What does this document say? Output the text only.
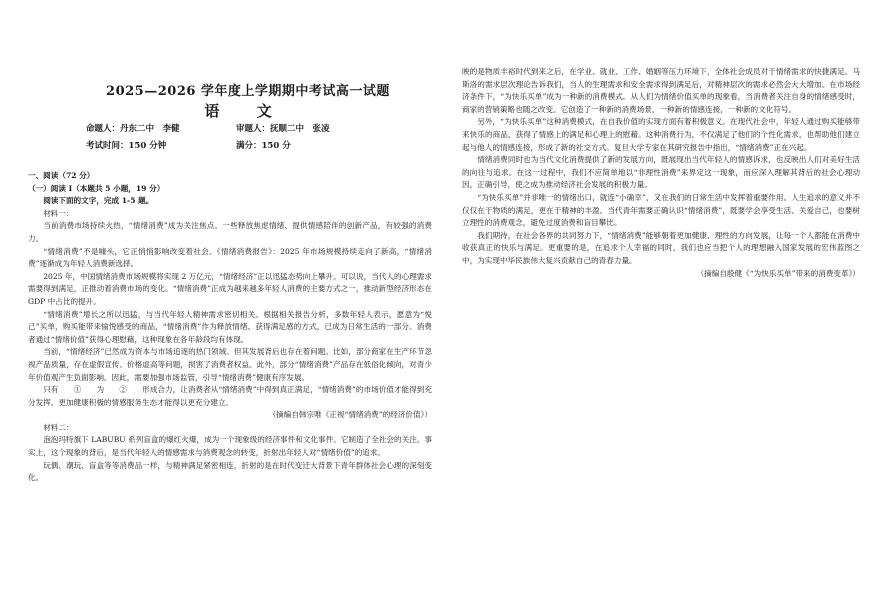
2025—2026 学年度上学期期中考试高一试题
语 文
命题人：丹东二中　李健	审题人：抚顺二中　张凌
考试时间：150 分钟	满分：150 分

一、阅读（72 分）

（一）阅读 I（本题共 5 小题，19 分）

阅读下面的文字，完成 1-5 题。

材料一：

当前消费市场持续火热，“情绪消费”成为关注焦点。一些释放焦虑情绪、提供情感陪伴的创新产品，有较强的消费力。

“情绪消费”不是噱头，它正悄悄影响改变着社会。《情绪消费报告》：2025 年市场规模持续走向了新高，“情绪消费”逐渐成为年轻人消费新选择。

2025 年，中国情绪消费市场规模将实现 2 万亿元，“情绪经济”正以迅猛态势向上攀升。可以说，当代人的心理需求需要得到满足，正推动着消费市场的变化。“情绪消费”正成为越来越多年轻人消费的主要方式之一，推动新型经济形态在 GDP 中占比的提升。

“情绪消费”增长之所以迅猛，与当代年轻人精神需求密切相关。根据相关报告分析，多数年轻人表示，愿意为“悦己”买单，购买能带来愉悦感受的商品，“情绪消费”作为释放情绪、获得满足感的方式，已成为日常生活的一部分。消费者通过“情绪价值”获得心理慰藉，这种现象在各年龄段均有体现。

当前，“情绪经济”已然成为资本与市场追逐的热门领域。但其发展背后也存在着问题。比如，部分商家在生产环节忽视产品质量，存在虚假宣传、价格虚高等问题，损害了消费者权益。此外，部分“情绪消费”产品存在低俗化倾向，对青少年价值观产生负面影响。因此，需要加强市场监管，引导“情绪消费”健康有序发展。

只有　　①　　为　　②　　形成合力，让消费者从“情绪消费”中得到真正满足，“情绪消费”的市场价值才能得到充分发挥，更加健康积极的情感服务生态才能得以更充分建立。

（摘编自韩宗唯《正视“情绪消费”的经济价值》）

材料二：

泡泡玛特旗下 LABUBU 系列盲盒的爆红火爆，成为一个现象级的经济事件和文化事件。它制造了全社会的关注。事实上，这个现象的背后，是当代年轻人的情感需求与消费观念的转变，折射出年轻人对“情绪价值”的追求。

玩偶、潮玩、盲盒等等消费品一样，与精神满足紧密相连，折射的是在时代变迁大背景下青年群体社会心理的深刻变化。

映的是物质丰裕时代到来之后，在学业、就业、工作、婚姻等压力环境下，全体社会成员对于情绪需求的快捷满足。马斯洛的需求层次理论告诉我们，当人的生理需求和安全需求得到满足后，对精神层次的需求必然会大大增加。在市场经济条件下，“为快乐买单”成为一种新的消费模式。从人们为情绪价值买单的现象看，当消费者关注自身的情绪感受时，商家的营销策略也随之改变。它创造了一种新的消费场景，一种新的情感连接，一种新的文化符号。

另外，“为快乐买单”这种消费模式，在自我价值的实现方面有着积极意义。在现代社会中，年轻人通过购买能够带来快乐的商品，获得了情感上的满足和心理上的慰藉。这种消费行为，不仅满足了他们的个性化需求，也帮助他们建立起与他人的情感连接，形成了新的社交方式。复旦大学专家在其研究报告中指出，“情绪消费”正在兴起。

情绪消费同时也为当代文化消费提供了新的发展方向，既展现出当代年轻人的情感诉求，也反映出人们对美好生活的向往与追求。在这一过程中，我们不应简单地以“非理性消费”来界定这一现象，而应深入理解其背后的社会心理动因，正确引导，使之成为推动经济社会发展的积极力量。

“为快乐买单”并非唯一的情绪出口，就连“小确幸”，又在我们的日常生活中发挥着重要作用。人生追求的意义并不仅仅在于物质的满足，更在于精神的丰盈。当代青年需要正确认识“情绪消费”，既要学会享受生活、关爱自己，也要树立理性的消费观念，避免过度消费和盲目攀比。

我们期待，在社会各界的共同努力下，“情绪消费”能够朝着更加健康、理性的方向发展，让每一个人都能在消费中收获真正的快乐与满足。更重要的是，在追求个人幸福的同时，我们也应当把个人的理想融入国家发展的宏伟蓝图之中，为实现中华民族伟大复兴贡献自己的青春力量。

（摘编自殷健《“为快乐买单”带来的消费变革》）
